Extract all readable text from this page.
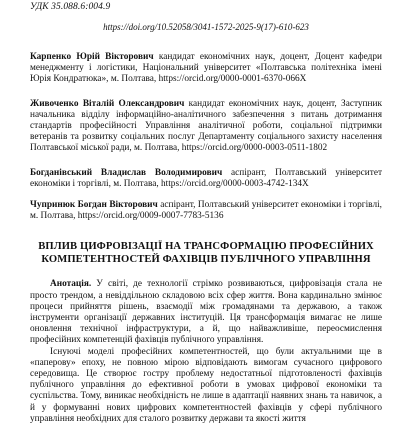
УДК 35.088.6:004.9
https://doi.org/10.52058/3041-1572-2025-9(17)-610-623
Карпенко Юрій Вікторович кандидат економічних наук, доцент, Доцент кафедри менеджменту і логістики, Національний університет «Полтавська політехніка імені Юрія Кондратюка», м. Полтава, https://orcid.org/0000-0001-6370-066X
Живоченко Віталій Олександрович кандидат економічних наук, доцент, Заступник начальника відділу інформаційно-аналітичного забезпечення з питань дотримання стандартів професійності Управління аналітичної роботи, соціальної підтримки ветеранів та розвитку соціальних послуг Департаменту соціального захисту населення Полтавської міської ради, м. Полтава, https://orcid.org/0000-0003-0511-1802
Богданівський Владислав Володимирович аспірант, Полтавський університет економіки і торгівлі, м. Полтава, https://orcid.org/0000-0003-4742-134X
Чупринюк Богдан Вікторович аспірант, Полтавський університет економіки і торгівлі, м. Полтава, https://orcid.org/0009-0007-7783-5136
ВПЛИВ ЦИФРОВІЗАЦІЇ НА ТРАНСФОРМАЦІЮ ПРОФЕСІЙНИХ КОМПЕТЕНТНОСТЕЙ ФАХІВЦІВ ПУБЛІЧНОГО УПРАВЛІННЯ
Анотація. У світі, де технології стрімко розвиваються, цифровізація стала не просто трендом, а невіддільною складовою всіх сфер життя. Вона кардинально змінює процеси прийняття рішень, взаємодії між громадянами та державою, а також інструменти організації державних інституцій. Ця трансформація вимагає не лише оновлення технічної інфраструктури, а й, що найважливіше, переосмислення професійних компетенцій фахівців публічного управління.
Існуючі моделі професійних компетентностей, що були актуальними ще в «паперову» епоху, не повною мірою відповідають вимогам сучасного цифрового середовища. Це створює гостру проблему недостатньої підготовленості фахівців публічного управління до ефективної роботи в умовах цифрової економіки та суспільства. Тому, виникає необхідність не лише в адаптації наявних знань та навичок, а й у формуванні нових цифрових компетентностей фахівців у сфері публічного управління необхідних для сталого розвитку держави та якості життя
